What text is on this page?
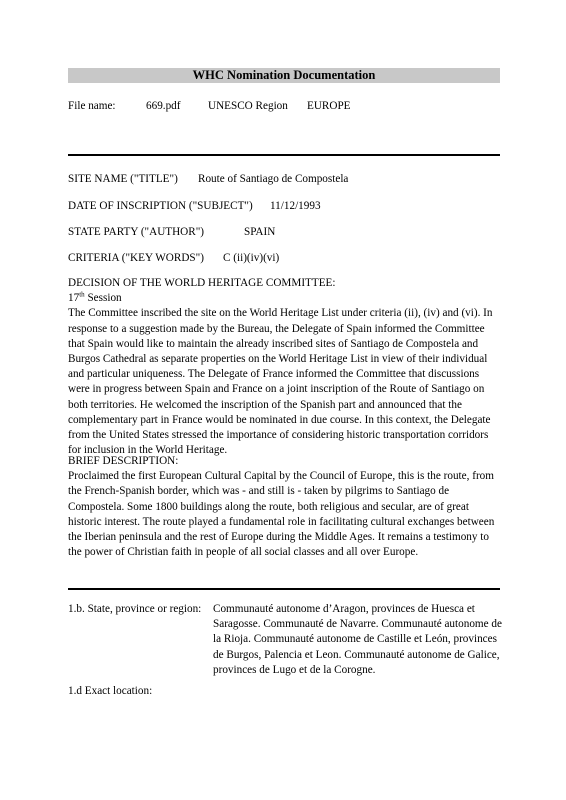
WHC Nomination Documentation
File name:	669.pdf UNESCO Region EUROPE
SITE NAME ("TITLE") Route of Santiago de Compostela
DATE OF INSCRIPTION ("SUBJECT") 11/12/1993
STATE PARTY ("AUTHOR")	SPAIN
CRITERIA ("KEY WORDS") C (ii)(iv)(vi)
DECISION OF THE WORLD HERITAGE COMMITTEE:
17th Session
The Committee inscribed the site on the World Heritage List under criteria (ii), (iv) and (vi). In response to a suggestion made by the Bureau, the Delegate of Spain informed the Committee that Spain would like to maintain the already inscribed sites of Santiago de Compostela and Burgos Cathedral as separate properties on the World Heritage List in view of their individual and particular uniqueness. The Delegate of France informed the Committee that discussions were in progress between Spain and France on a joint inscription of the Route of Santiago on both territories. He welcomed the inscription of the Spanish part and announced that the complementary part in France would be nominated in due course. In this context, the Delegate from the United States stressed the importance of considering historic transportation corridors for inclusion in the World Heritage.
BRIEF DESCRIPTION:
Proclaimed the first European Cultural Capital by the Council of Europe, this is the route, from the French-Spanish border, which was - and still is - taken by pilgrims to Santiago de Compostela. Some 1800 buildings along the route, both religious and secular, are of great historic interest. The route played a fundamental role in facilitating cultural exchanges between the Iberian peninsula and the rest of Europe during the Middle Ages. It remains a testimony to the power of Christian faith in people of all social classes and all over Europe.
1.b. State, province or region: Communauté autonome d’Aragon, provinces de Huesca et Saragosse. Communauté de Navarre. Communauté autonome de la Rioja. Communauté autonome de Castille et León, provinces de Burgos, Palencia et Leon. Communauté autonome de Galice, provinces de Lugo et de la Corogne.
1.d Exact location:
